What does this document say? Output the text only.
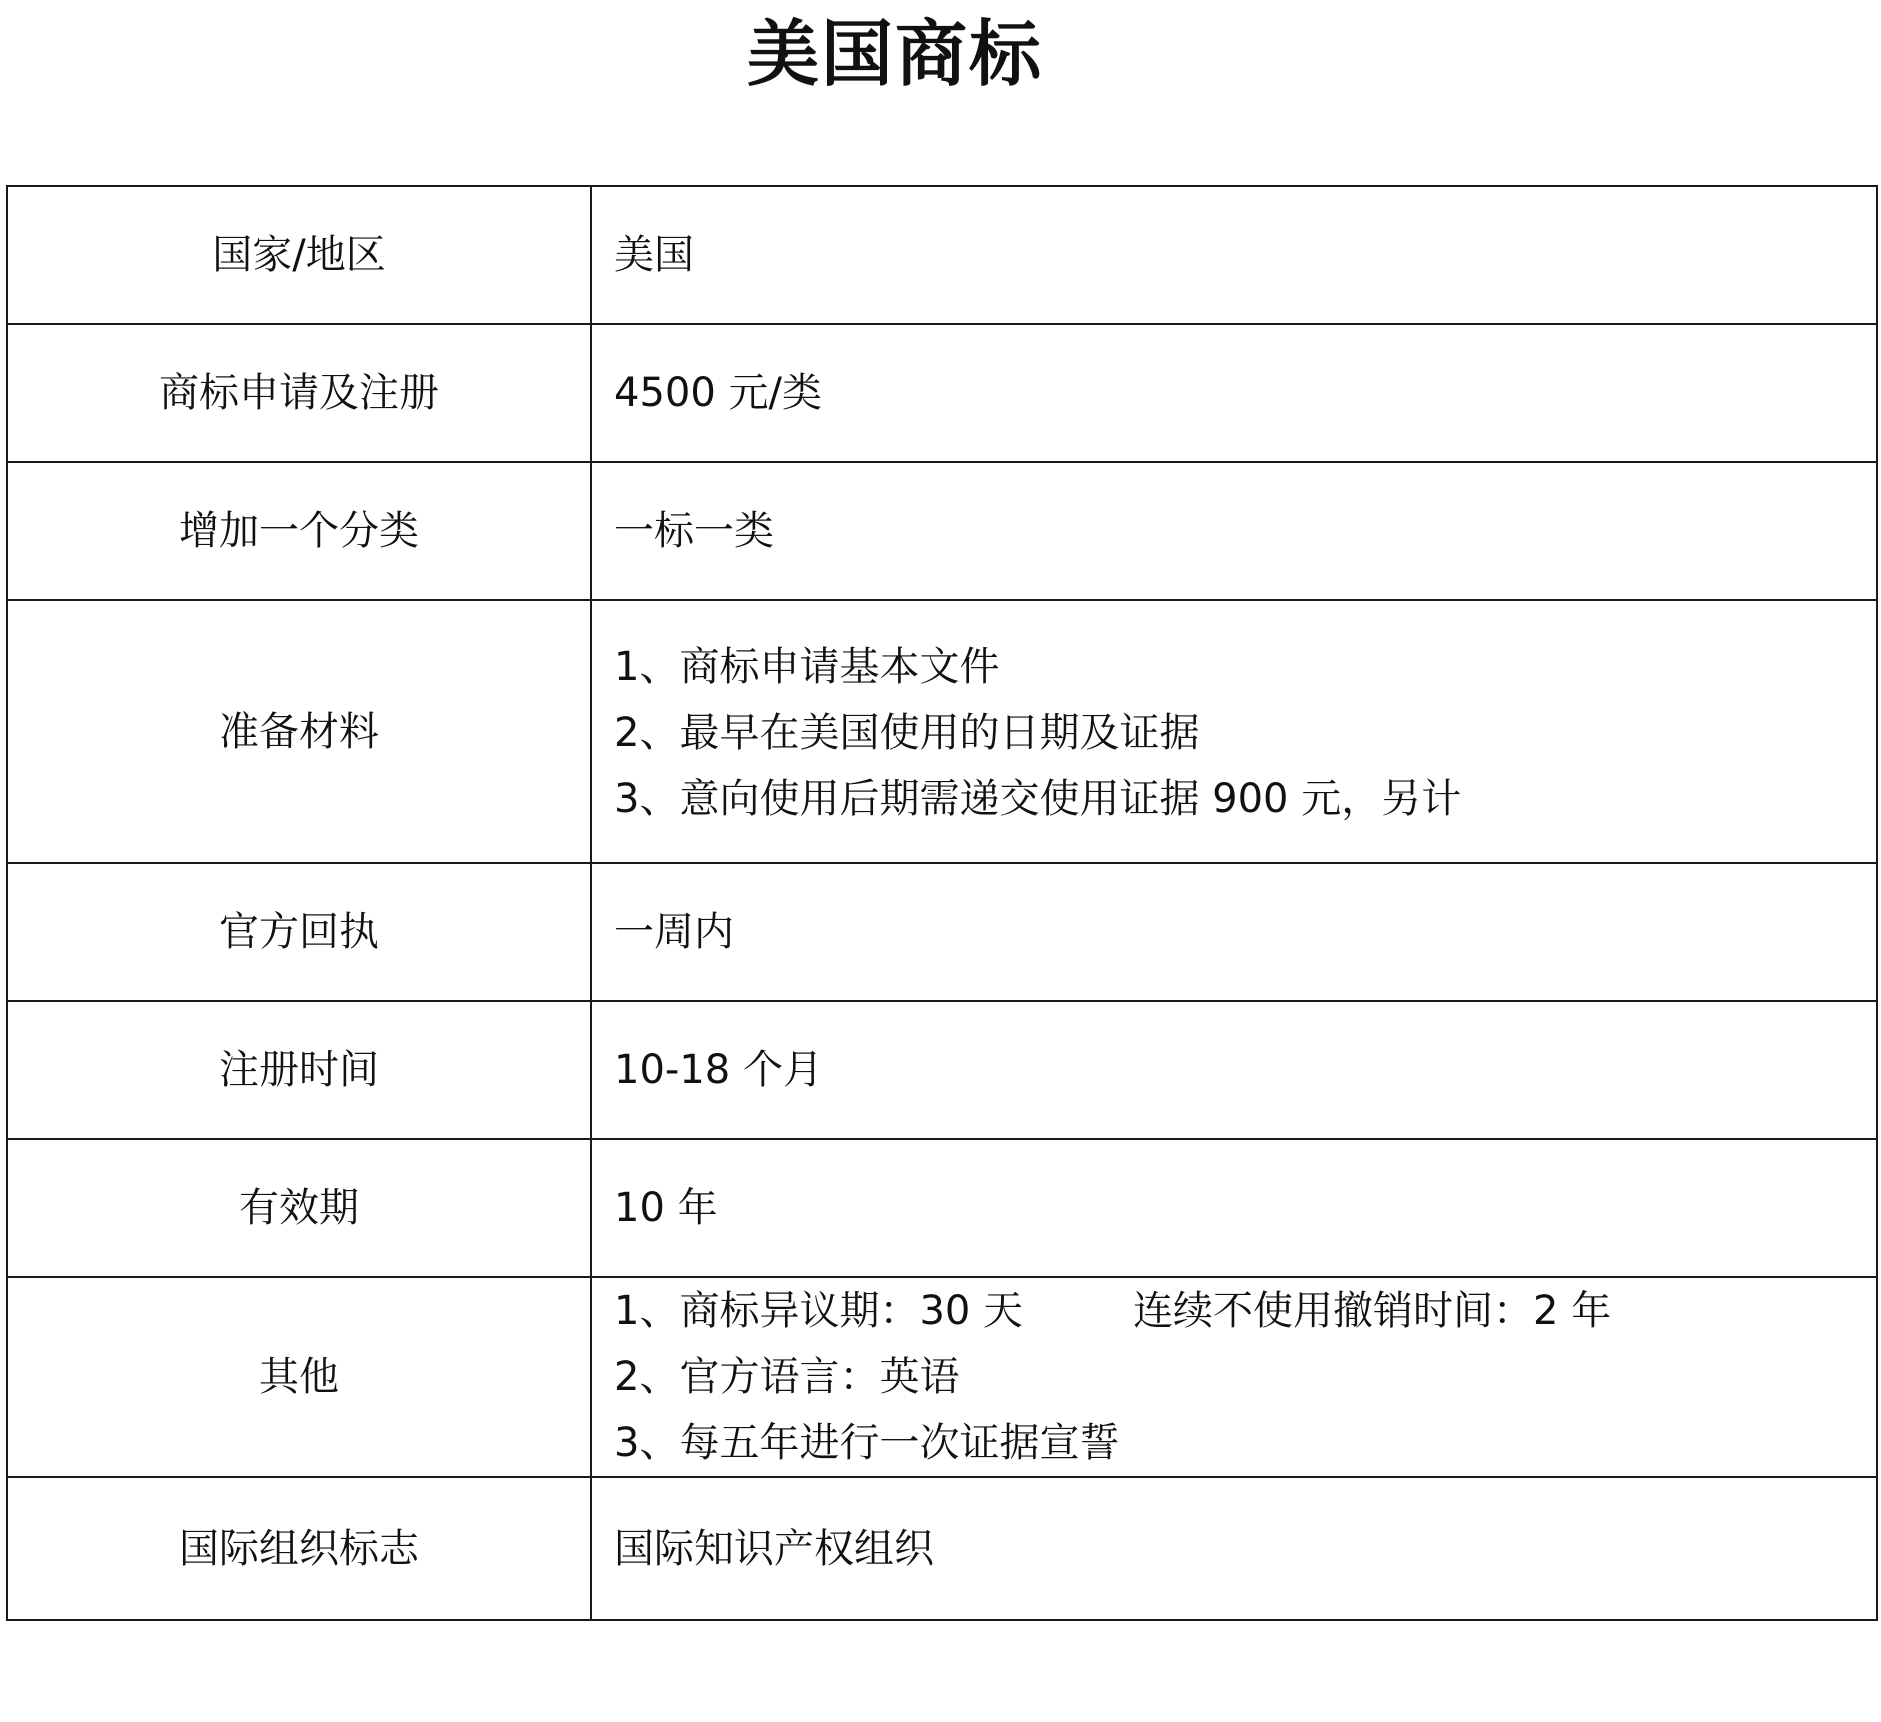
美国商标
国家/地区	美国
商标申请及注册	4500 元/类
增加一个分类	一标一类
准备材料	1、商标申请基本文件
2、最早在美国使用的日期及证据
3、意向使用后期需递交使用证据 900 元，另计

官方回执	一周内
注册时间	10-18 个月
有效期	10 年
其他	1、商标异议期：30 天 连续不使用撤销时间：2 年
2、官方语言：英语
3、每五年进行一次证据宣誓

国际组织标志	国际知识产权组织
